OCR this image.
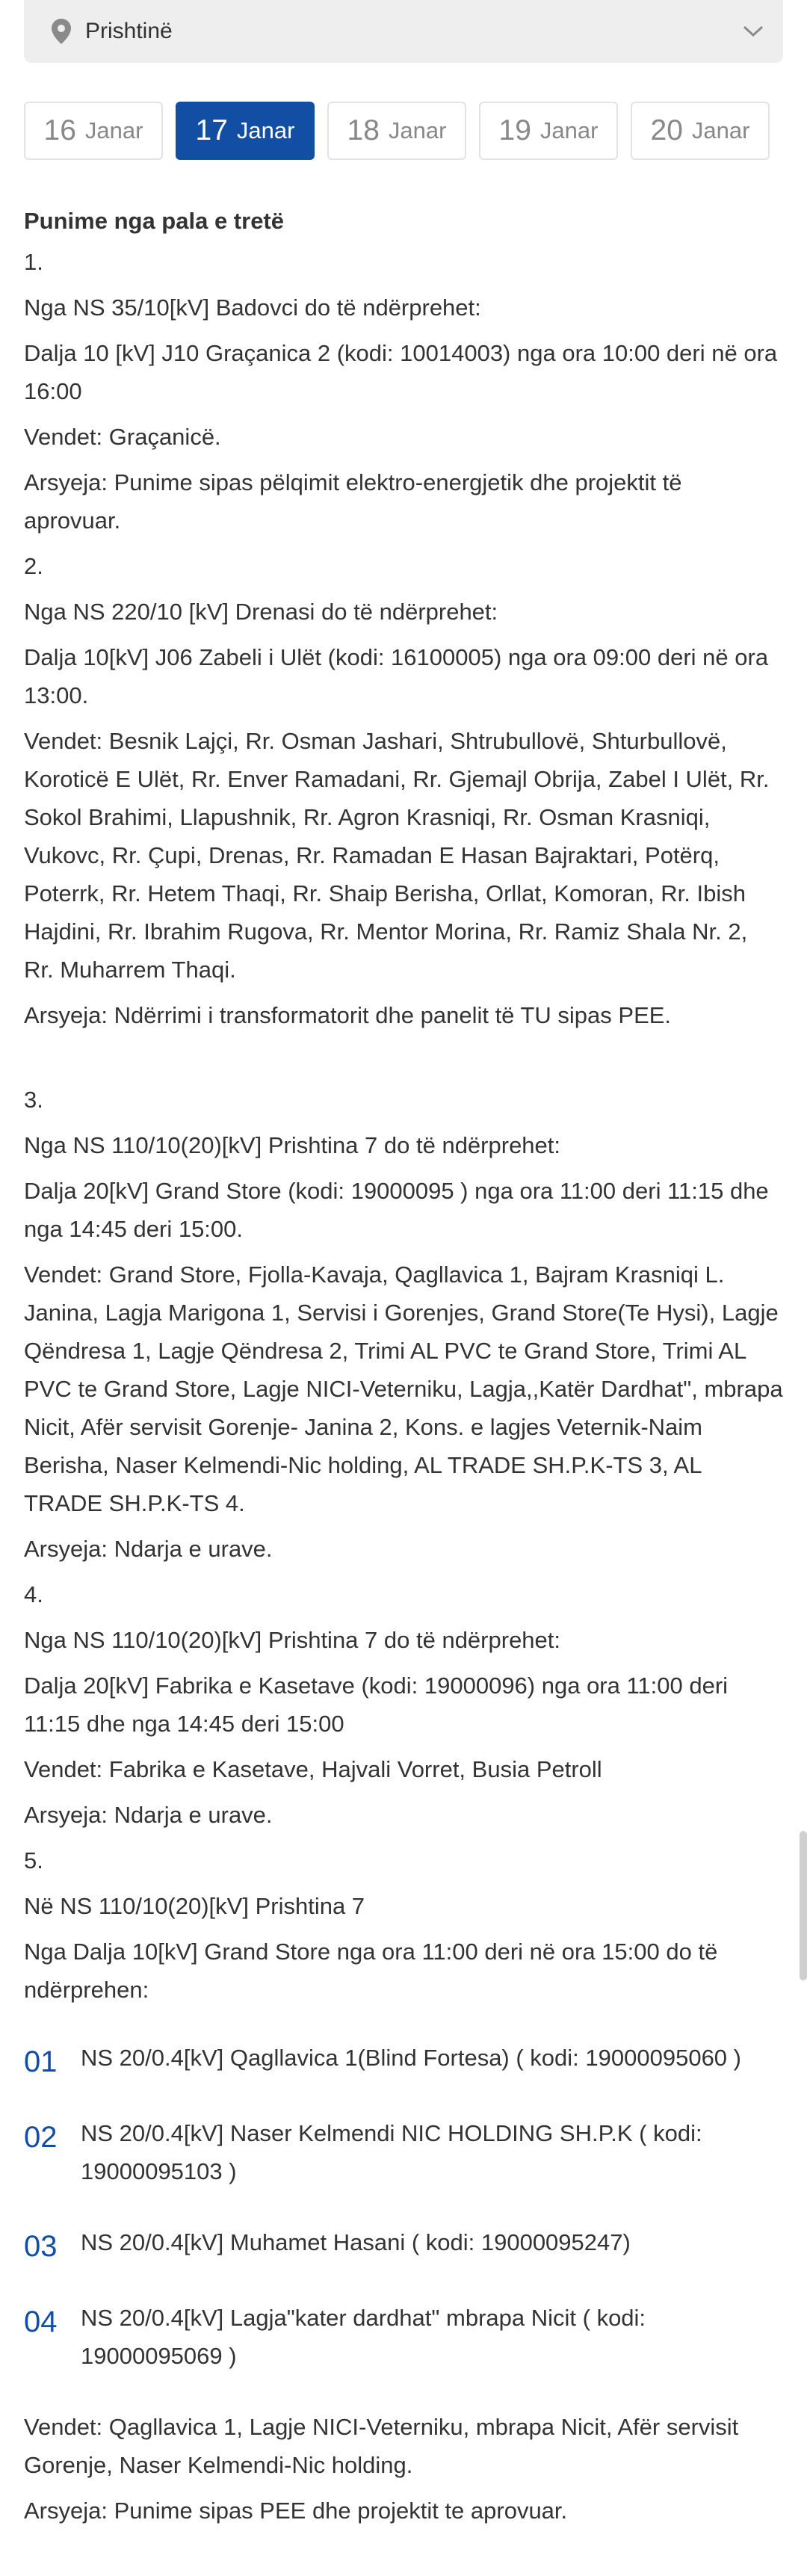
Prishtinë
16 Janar 17 Janar 18 Janar 19 Janar 20 Janar

Punime nga pala e tretë

1.

Nga NS 35/10[kV] Badovci do të ndërprehet:

Dalja 10 [kV] J10 Graçanica 2 (kodi: 10014003) nga ora 10:00 deri në ora 16:00

Vendet: Graçanicë.

Arsyeja: Punime sipas pëlqimit elektro-energjetik dhe projektit të aprovuar.

2.

Nga NS 220/10 [kV] Drenasi do të ndërprehet:

Dalja 10[kV] J06 Zabeli i Ulët (kodi: 16100005) nga ora 09:00 deri në ora 13:00.

Vendet: Besnik Lajçi, Rr. Osman Jashari, Shtrubullovë, Shturbullovë, Koroticë E Ulët, Rr. Enver Ramadani, Rr. Gjemajl Obrija, Zabel I Ulët, Rr. Sokol Brahimi, Llapushnik, Rr. Agron Krasniqi, Rr. Osman Krasniqi, Vukovc, Rr. Çupi, Drenas, Rr. Ramadan E Hasan Bajraktari, Potërq, Poterrk, Rr. Hetem Thaqi, Rr. Shaip Berisha, Orllat, Komoran, Rr. Ibish Hajdini, Rr. Ibrahim Rugova, Rr. Mentor Morina, Rr. Ramiz Shala Nr. 2, Rr. Muharrem Thaqi.

Arsyeja: Ndërrimi i transformatorit dhe panelit të TU sipas PEE.

3.

Nga NS 110/10(20)[kV] Prishtina 7 do të ndërprehet:

Dalja 20[kV] Grand Store (kodi: 19000095 ) nga ora 11:00 deri 11:15 dhe nga 14:45 deri 15:00.

Vendet: Grand Store, Fjolla-Kavaja, Qagllavica 1, Bajram Krasniqi L. Janina, Lagja Marigona 1, Servisi i Gorenjes, Grand Store(Te Hysi), Lagje Qëndresa 1, Lagje Qëndresa 2, Trimi AL PVC te Grand Store, Trimi AL PVC te Grand Store, Lagje NICI-Veterniku, Lagja,,Katër Dardhat", mbrapa Nicit, Afër servisit Gorenje- Janina 2, Kons. e lagjes Veternik-Naim Berisha, Naser Kelmendi-Nic holding, AL TRADE SH.P.K-TS 3, AL TRADE SH.P.K-TS 4.

Arsyeja: Ndarja e urave.

4.

Nga NS 110/10(20)[kV] Prishtina 7 do të ndërprehet:

Dalja 20[kV] Fabrika e Kasetave (kodi: 19000096) nga ora 11:00 deri 11:15 dhe nga 14:45 deri 15:00

Vendet: Fabrika e Kasetave, Hajvali Vorret, Busia Petroll

Arsyeja: Ndarja e urave.

5.

Në NS 110/10(20)[kV] Prishtina 7

Nga Dalja 10[kV] Grand Store nga ora 11:00 deri në ora 15:00 do të ndërprehen:

01	NS 20/0.4[kV] Qagllavica 1(Blind Fortesa) ( kodi: 19000095060 )
02	NS 20/0.4[kV] Naser Kelmendi NIC HOLDING SH.P.K ( kodi: 19000095103 )
03	NS 20/0.4[kV] Muhamet Hasani ( kodi: 19000095247)
04	NS 20/0.4[kV] Lagja"kater dardhat" mbrapa Nicit ( kodi: 19000095069 )

Vendet: Qagllavica 1, Lagje NICI-Veterniku, mbrapa Nicit, Afër servisit Gorenje, Naser Kelmendi-Nic holding.

Arsyeja: Punime sipas PEE dhe projektit te aprovuar.
